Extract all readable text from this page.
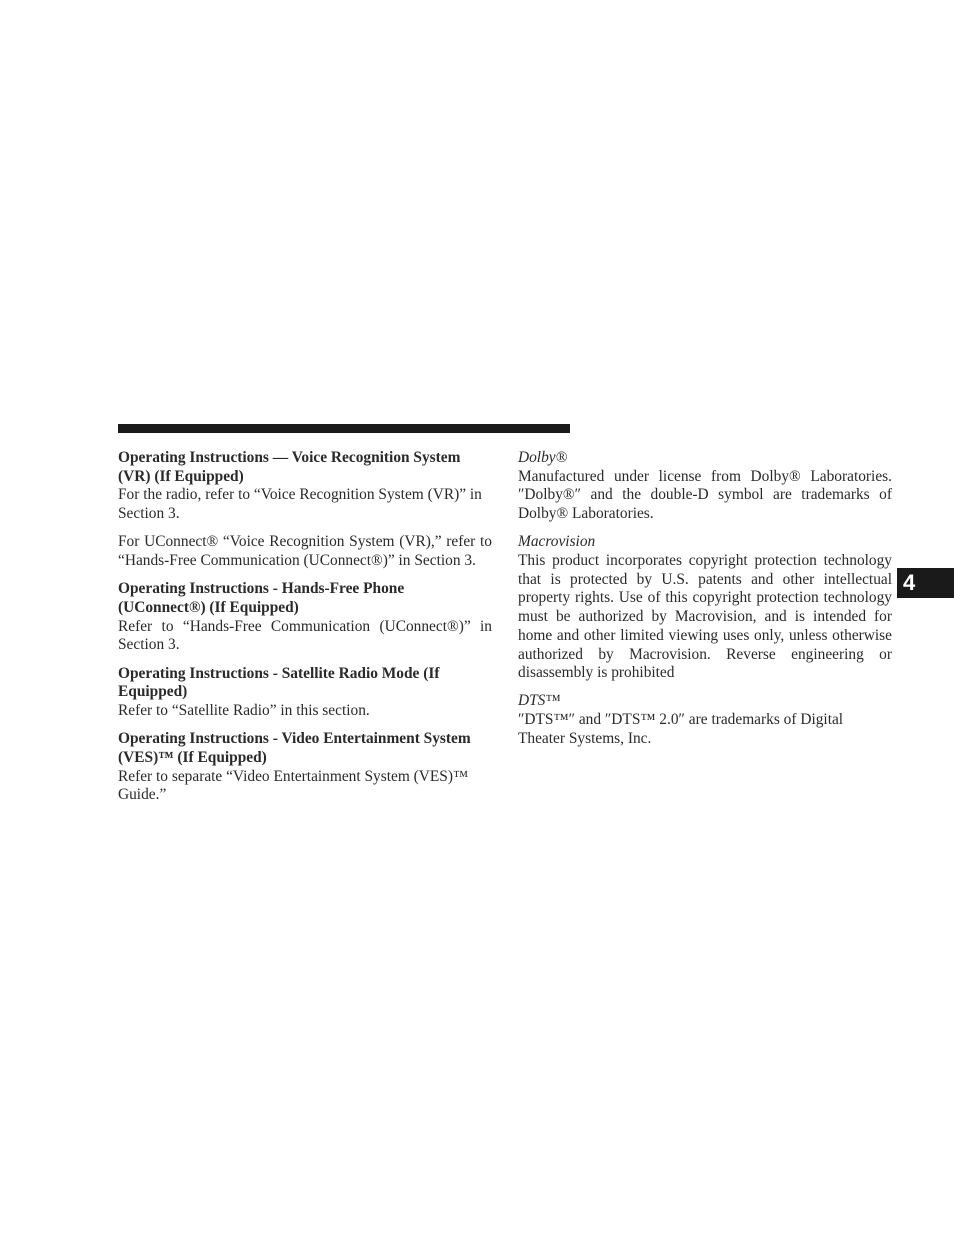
Operating Instructions — Voice Recognition System (VR) (If Equipped)

For the radio, refer to “Voice Recognition System (VR)” in Section 3.

For UConnect® “Voice Recognition System (VR),” refer to “Hands-Free Communication (UConnect®)” in Section 3.

Operating Instructions - Hands-Free Phone (UConnect®) (If Equipped)

Refer to “Hands-Free Communication (UConnect®)” in Section 3.

Operating Instructions - Satellite Radio Mode (If Equipped)

Refer to “Satellite Radio” in this section.

Operating Instructions - Video Entertainment System (VES)™ (If Equipped)

Refer to separate “Video Entertainment System (VES)™ Guide.”

Dolby®

Manufactured under license from Dolby® Laboratories. ″Dolby®″ and the double-D symbol are trademarks of Dolby® Laboratories.

Macrovision

This product incorporates copyright protection technology that is protected by U.S. patents and other intellectual property rights. Use of this copyright protection technology must be authorized by Macrovision, and is intended for home and other limited viewing uses only, unless otherwise authorized by Macrovision. Reverse engineering or disassembly is prohibited

DTS™

″DTS™″ and ″DTS™ 2.0″ are trademarks of Digital Theater Systems, Inc.

4
